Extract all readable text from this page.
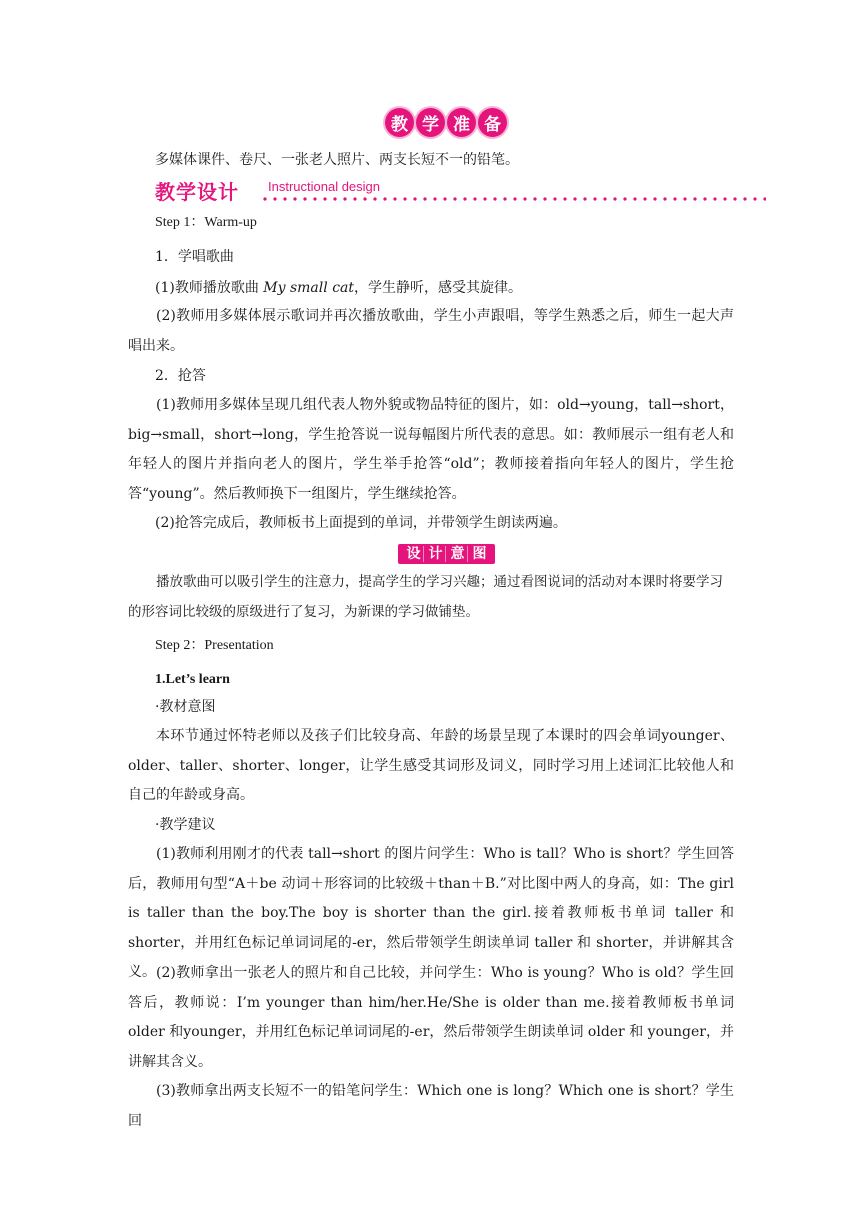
教 学 准 备

多媒体课件、卷尺、一张老人照片、两支长短不一的铅笔。

教学设计 Instructional design

Step 1：Warm-up

1．学唱歌曲

(1)教师播放歌曲 My small cat，学生静听，感受其旋律。

(2)教师用多媒体展示歌词并再次播放歌曲，学生小声跟唱，等学生熟悉之后，师生一起大声唱出来。

2．抢答

(1)教师用多媒体呈现几组代表人物外貌或物品特征的图片，如：old→young，tall→short，big→small，short→long，学生抢答说一说每幅图片所代表的意思。如：教师展示一组有老人和年轻人的图片并指向老人的图片，学生举手抢答“old”；教师接着指向年轻人的图片，学生抢答“young”。然后教师换下一组图片，学生继续抢答。

(2)抢答完成后，教师板书上面提到的单词，并带领学生朗读两遍。

设 计 意 图

播放歌曲可以吸引学生的注意力，提高学生的学习兴趣；通过看图说词的活动对本课时将要学习的形容词比较级的原级进行了复习，为新课的学习做铺垫。

Step 2：Presentation

1.Let’s learn

·教材意图

本环节通过怀特老师以及孩子们比较身高、年龄的场景呈现了本课时的四会单词younger、older、taller、shorter、longer，让学生感受其词形及词义，同时学习用上述词汇比较他人和自己的年龄或身高。

·教学建议

(1)教师利用刚才的代表 tall→short 的图片问学生：Who is tall？Who is short？学生回答后，教师用句型“A＋be 动词＋形容词的比较级＋than＋B.”对比图中两人的身高，如：The girl is taller than the boy.The boy is shorter than the girl.接着教师板书单词 taller 和 shorter，并用红色标记单词词尾的-er，然后带领学生朗读单词 taller 和 shorter，并讲解其含义。 (2)教师拿出一张老人的照片和自己比较，并问学生：Who is young？Who is old？学生回答后，教师说：I’m younger than him/her.He/She is older than me.接着教师板书单词 older 和younger，并用红色标记单词词尾的-er，然后带领学生朗读单词 older 和 younger，并讲解其含义。

(3)教师拿出两支长短不一的铅笔问学生：Which one is long？Which one is short？学生回
